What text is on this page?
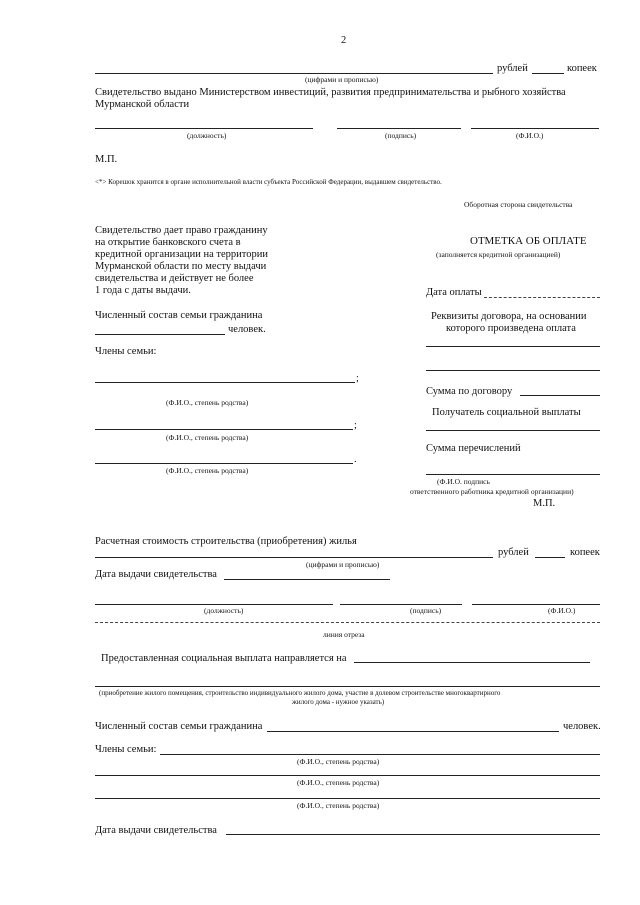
2
рублей	копеек
(цифрами и прописью)
Свидетельство выдано Министерством инвестиций, развития предпринимательства и рыбного хозяйства
Мурманской области
(должность)	(подпись)	(Ф.И.О.)
М.П.
<*> Корешок хранится в органе исполнительной власти субъекта Российской Федерации, выдавшем свидетельство.
Оборотная сторона свидетельства
Свидетельство дает право гражданину
на открытие банковского счета в
кредитной организации на территории
Мурманской области по месту выдачи
свидетельства и действует не более
1 года с даты выдачи.
Численный состав семьи гражданина
человек.
Члены семьи:
;
(Ф.И.О., степень родства)
;
(Ф.И.О., степень родства)
.
(Ф.И.О., степень родства)
ОТМЕТКА ОБ ОПЛАТЕ
(заполняется кредитной организацией)
Дата оплаты
Реквизиты договора, на основании
которого произведена оплата
Сумма по договору
Получатель социальной выплаты
Сумма перечислений
(Ф.И.О. подпись
ответственного работника кредитной организации)
М.П.
Расчетная стоимость строительства (приобретения) жилья
рублей	копеек
(цифрами и прописью)
Дата выдачи свидетельства
(должность)	(подпись)	(Ф.И.О.)
линия отреза
Предоставленная социальная выплата направляется на
(приобретение жилого помещения, строительство индивидуального жилого дома, участие в долевом строительстве многоквартирного
жилого дома - нужное указать)
Численный состав семьи гражданина	человек.
Члены семьи:
(Ф.И.О., степень родства)
(Ф.И.О., степень родства)
(Ф.И.О., степень родства)
Дата выдачи свидетельства
